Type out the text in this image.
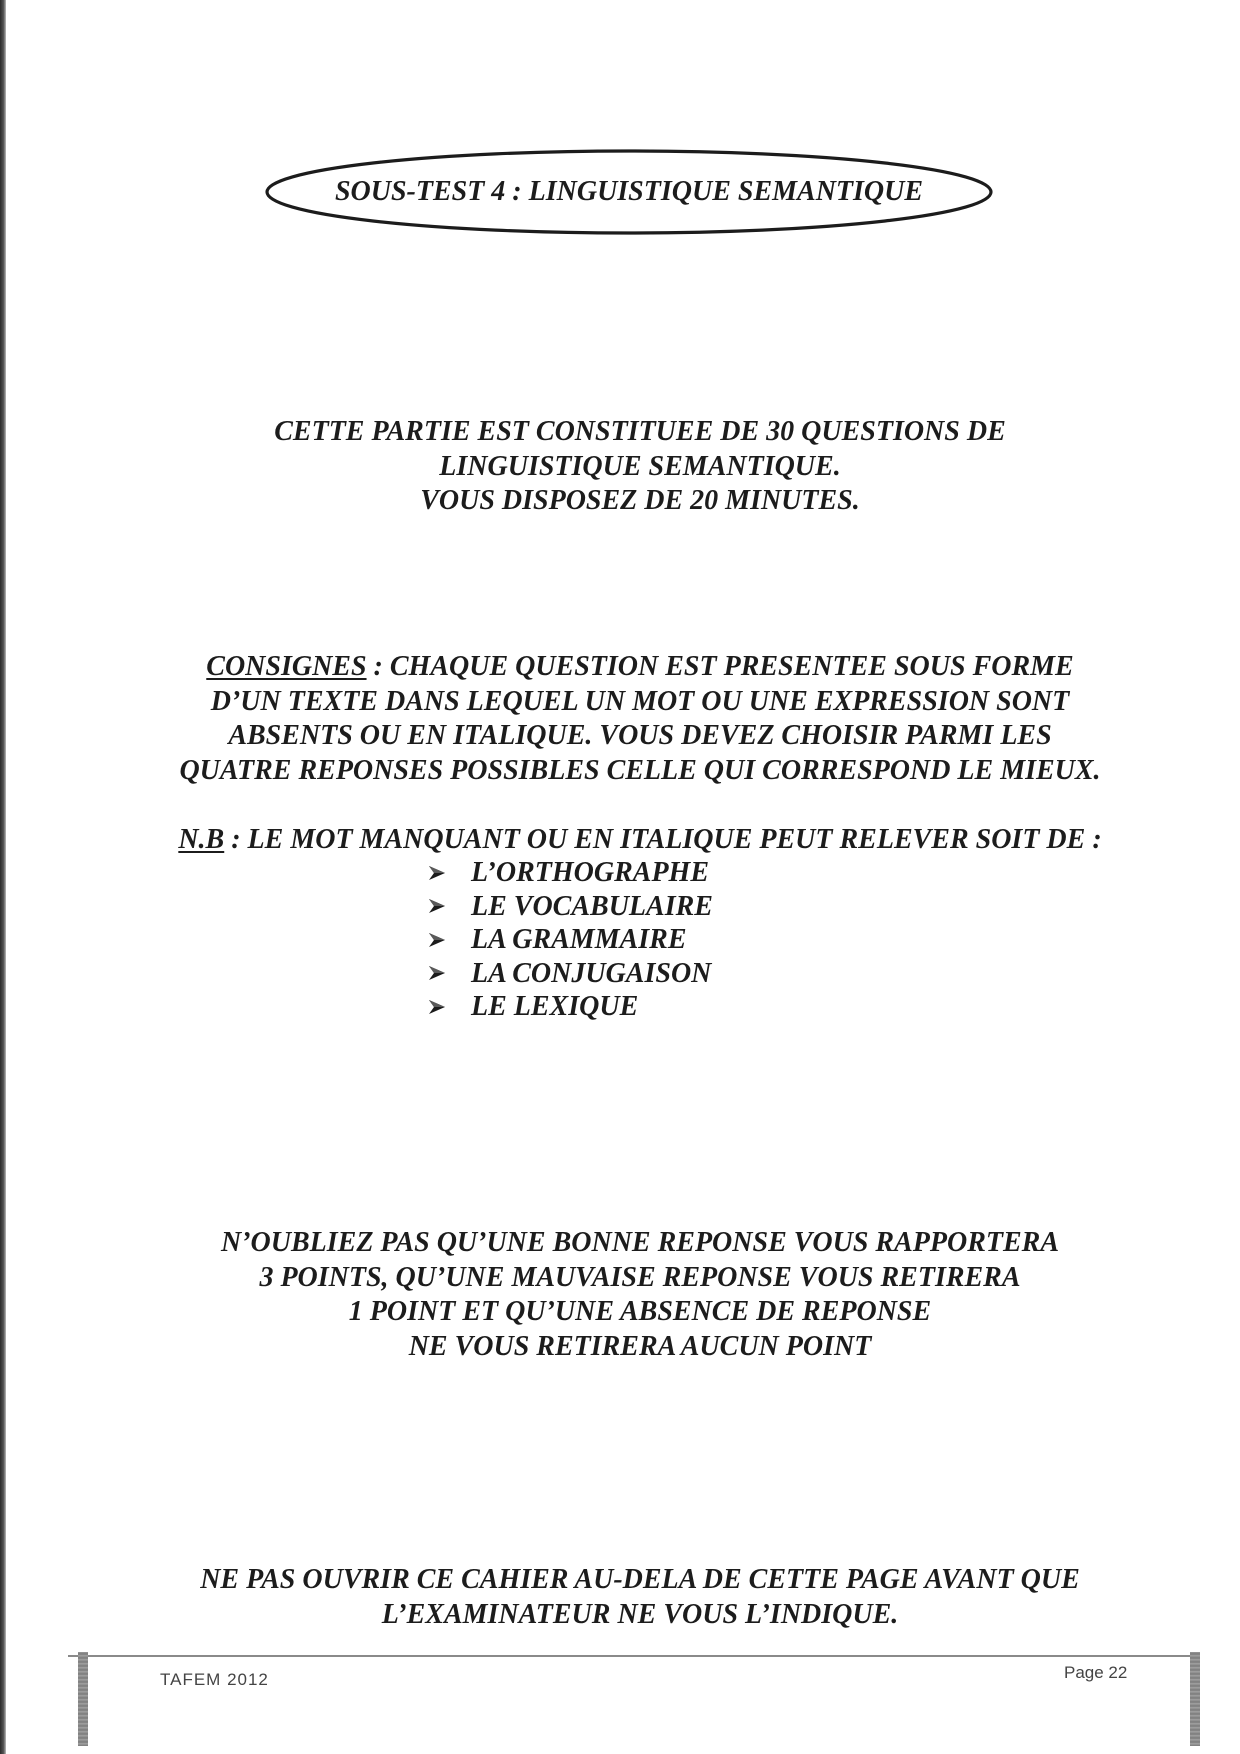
SOUS-TEST 4 : LINGUISTIQUE SEMANTIQUE
CETTE PARTIE EST CONSTITUEE DE 30 QUESTIONS DE
LINGUISTIQUE SEMANTIQUE.
VOUS DISPOSEZ DE 20 MINUTES.
CONSIGNES : CHAQUE QUESTION EST PRESENTEE SOUS FORME
D’UN TEXTE DANS LEQUEL UN MOT OU UNE EXPRESSION SONT
ABSENTS OU EN ITALIQUE. VOUS DEVEZ CHOISIR PARMI LES
QUATRE REPONSES POSSIBLES CELLE QUI CORRESPOND LE MIEUX.
N.B : LE MOT MANQUANT OU EN ITALIQUE PEUT RELEVER SOIT DE :
L’ORTHOGRAPHE
LE VOCABULAIRE
LA GRAMMAIRE
LA CONJUGAISON
LE LEXIQUE
N’OUBLIEZ PAS QU’UNE BONNE REPONSE VOUS RAPPORTERA
3 POINTS, QU’UNE MAUVAISE REPONSE VOUS RETIRERA
1 POINT ET QU’UNE ABSENCE DE REPONSE
NE VOUS RETIRERA AUCUN POINT
NE PAS OUVRIR CE CAHIER AU-DELA DE CETTE PAGE AVANT QUE
L’EXAMINATEUR NE VOUS L’INDIQUE.
TAFEM 2012	Page 22
